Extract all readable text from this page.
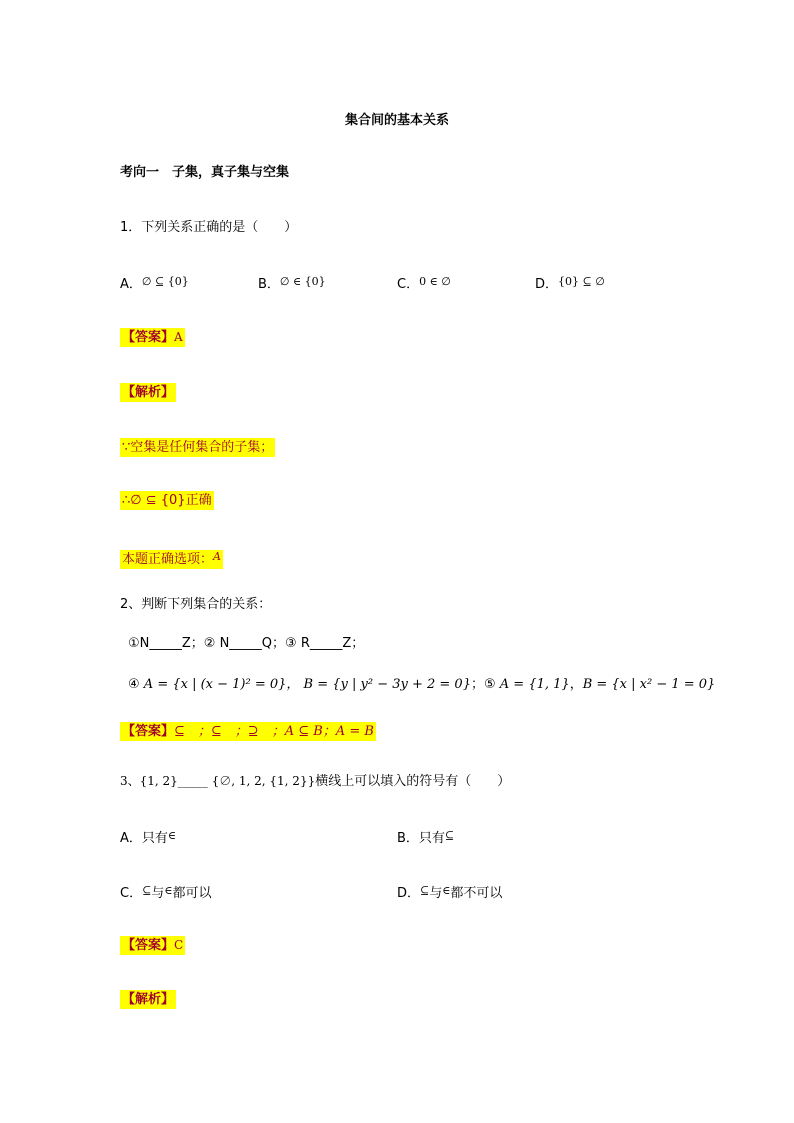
集合间的基本关系
考向一　子集，真子集与空集
1．下列关系正确的是（　　）
A．$^{\emptyset ⊆ \{0\}}$	B．$^{\emptyset \in \{0\}}$	C．$^{0 \in \emptyset}$	D．$^{\{0\} ⊆ \emptyset}$
【答案】A
【解析】
∵空集是任何集合的子集；
∴∅ ⊆ {0}正确
本题正确选项：$^A$
2、判断下列集合的关系：
①N_____Z；② N_____Q；③ R_____Z；
④ A = {x | (x − 1)² = 0}， B = {y | y² − 3y + 2 = 0}；⑤ A = {1, 1}，B = {x | x² − 1 = 0}
【答案】⊆　；⊆　；⊇　；A ⊆ B；A = B
3、{1, 2}_____ {∅, 1, 2, {1, 2}}横线上可以填入的符号有（　　）
A．只有∈	B．只有⊆
C．⊆与∈都可以	D．⊆与∈都不可以
【答案】C
【解析】
